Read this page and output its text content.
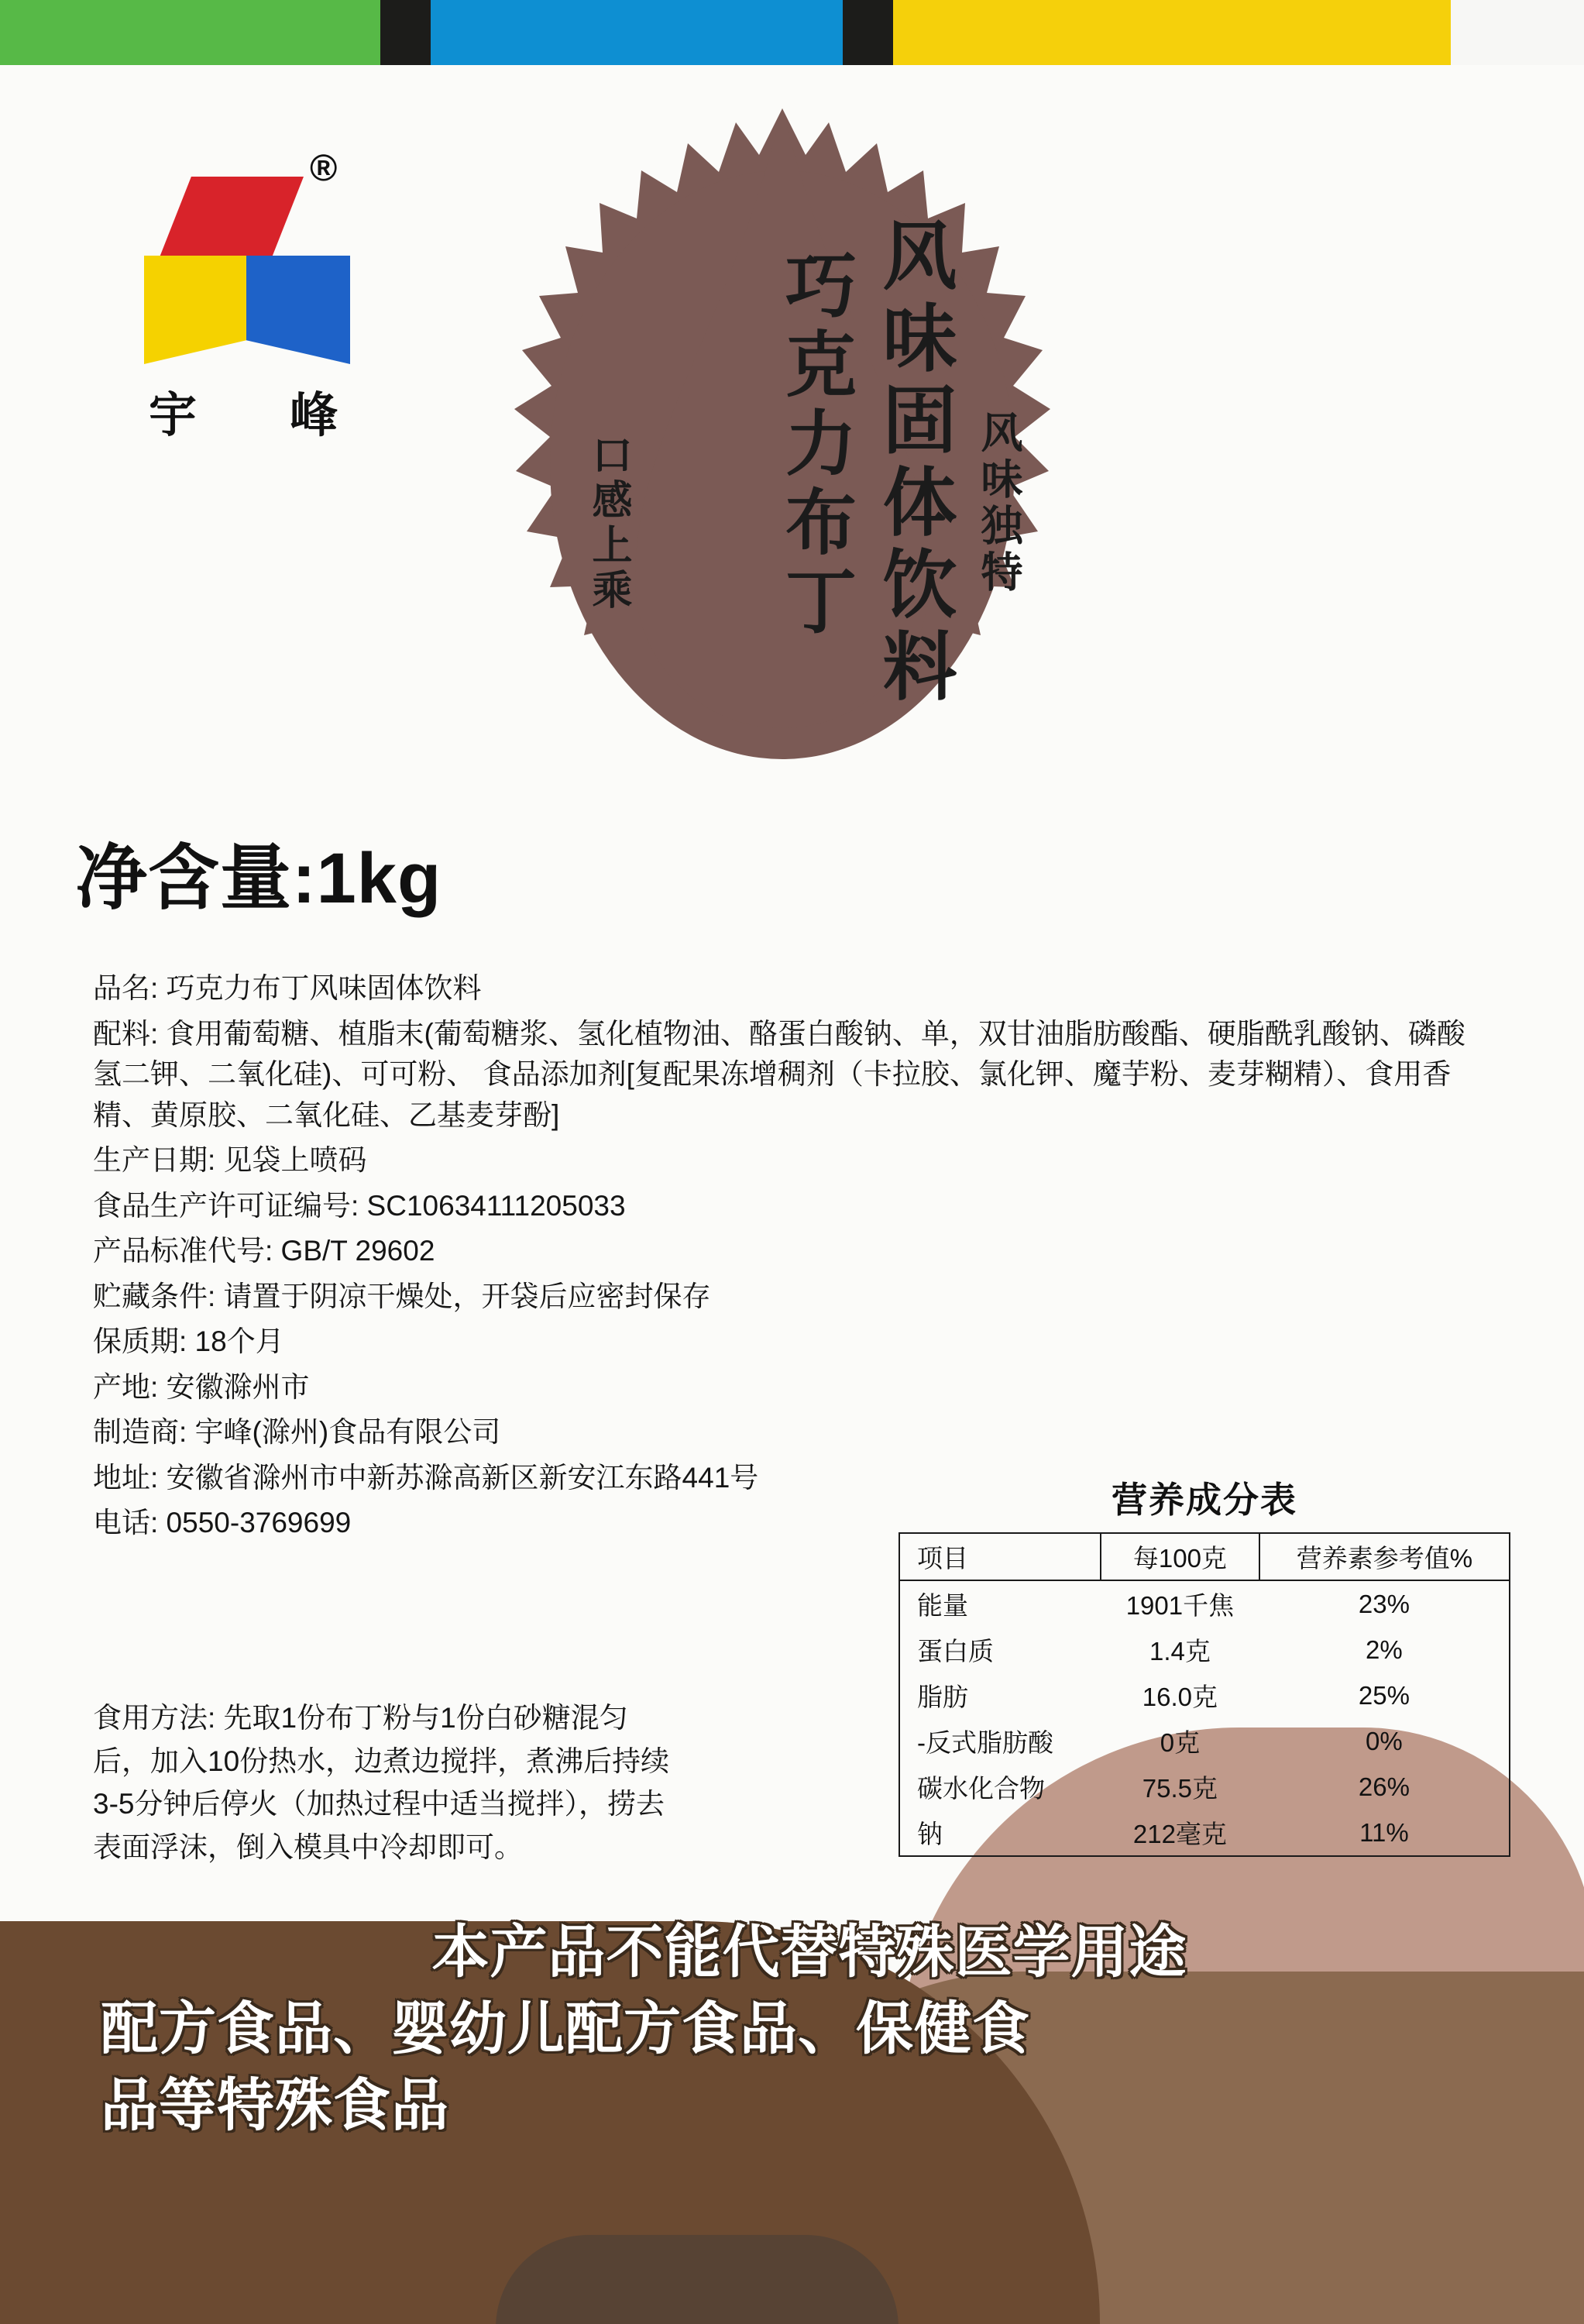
®
宇 峰	风味独特
风味固体饮料
巧克力布丁
口感上乘
净含量:1kg

品名: 巧克力布丁风味固体饮料

配料: 食用葡萄糖、植脂末(葡萄糖浆、氢化植物油、酪蛋白酸钠、单，双甘油脂肪酸酯、硬脂酰乳酸钠、磷酸氢二钾、二氧化硅)、可可粉、 食品添加剂[复配果冻增稠剂（卡拉胶、氯化钾、魔芋粉、麦芽糊精）、食用香精、黄原胶、二氧化硅、乙基麦芽酚]

生产日期: 见袋上喷码

食品生产许可证编号: SC10634111205033

产品标准代号: GB/T 29602

贮藏条件: 请置于阴凉干燥处，开袋后应密封保存

保质期: 18个月

产地: 安徽滁州市

制造商: 宇峰(滁州)食品有限公司

地址: 安徽省滁州市中新苏滁高新区新安江东路441号

电话: 0550-3769699

食用方法: 先取1份布丁粉与1份白砂糖混匀后，加入10份热水，边煮边搅拌，煮沸后持续3-5分钟后停火（加热过程中适当搅拌），捞去表面浮沫，倒入模具中冷却即可。

营养成分表
项目	每100克	营养素参考值%
能量	1901千焦	23%
蛋白质	1.4克	2%
脂肪	16.0克	25%
-反式脂肪酸	0克	0%
碳水化合物	75.5克	26%
钠	212毫克	11%
本产品不能代替特殊医学用途
配方食品、婴幼儿配方食品、保健食
品等特殊食品
